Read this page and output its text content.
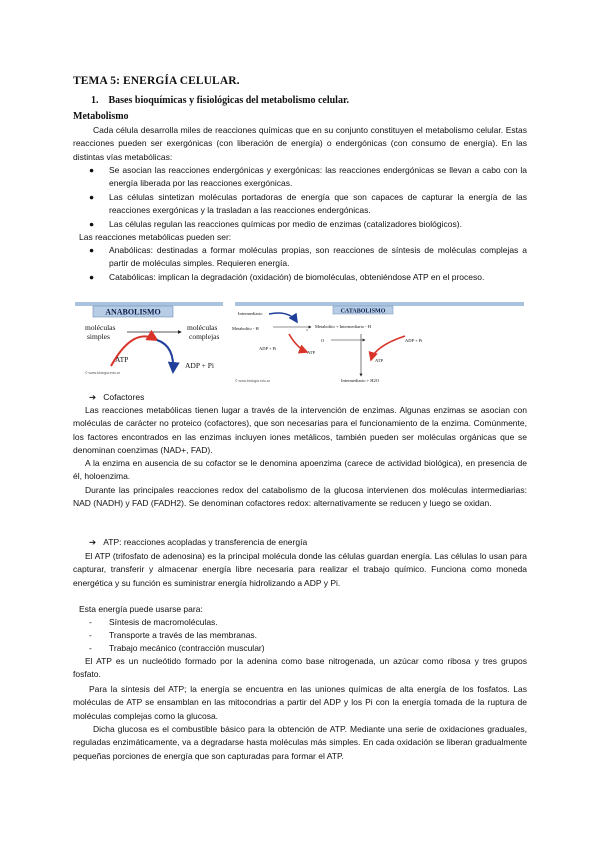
TEMA 5: ENERGÍA CELULAR.
1. Bases bioquímicas y fisiológicas del metabolismo celular.
Metabolismo

Cada célula desarrolla miles de reacciones químicas que en su conjunto constituyen el metabolismo celular. Estas reacciones pueden ser exergónicas (con liberación de energía) o endergónicas (con consumo de energía). En las distintas vías metabólicas:

●	Se asocian las reacciones endergónicas y exergónicas: las reacciones endergónicas se llevan a cabo con la energía liberada por las reacciones exergónicas.
●	Las células sintetizan moléculas portadoras de energía que son capaces de capturar la energía de las reacciones exergónicas y la trasladan a las reacciones endergónicas.
●	Las células regulan las reacciones químicas por medio de enzimas (catalizadores biológicos).

Las reacciones metabólicas pueden ser:

●	Anabólicas: destinadas a formar moléculas propias, son reacciones de síntesis de moléculas complejas a partir de moléculas simples. Requieren energía.
●	Catabólicas: implican la degradación (oxidación) de biomoléculas, obteniéndose ATP en el proceso.
ANABOLISMO
moléculas
simples
moléculas
complejas
ATP
ADP + Pi
© www.biologia.edu.ar
CATABOLISMO
Intermediario
Metabolito - H	2
Metabolito + Intermediario - H
ADP + Pi
ATP
O	ADP + Pi
ATP
Intermediario + H2O
© www.biologia.edu.ar
➔ Cofactores

Las reacciones metabólicas tienen lugar a través de la intervención de enzimas. Algunas enzimas se asocian con moléculas de carácter no proteico (cofactores), que son necesarias para el funcionamiento de la enzima. Comúnmente, los factores encontrados en las enzimas incluyen iones metálicos, también pueden ser moléculas orgánicas que se denominan coenzimas (NAD+, FAD).

A la enzima en ausencia de su cofactor se le denomina apoenzima (carece de actividad biológica), en presencia de él, holoenzima.

Durante las principales reacciones redox del catabolismo de la glucosa intervienen dos moléculas intermediarias: NAD (NADH) y FAD (FADH2). Se denominan cofactores redox: alternativamente se reducen y luego se oxidan.

➔ ATP: reacciones acopladas y transferencia de energía

El ATP (trifosfato de adenosina) es la principal molécula donde las células guardan energía. Las células lo usan para capturar, transferir y almacenar energía libre necesaria para realizar el trabajo químico. Funciona como moneda energética y su función es suministrar energía hidrolizando a ADP y Pi.

Esta energía puede usarse para:

- Síntesis de macromoléculas.
- Transporte a través de las membranas.
- Trabajo mecánico (contracción muscular)

El ATP es un nucleótido formado por la adenina como base nitrogenada, un azúcar como ribosa y tres grupos fosfato.

Para la síntesis del ATP; la energía se encuentra en las uniones químicas de alta energía de los fosfatos. Las moléculas de ATP se ensamblan en las mitocondrias a partir del ADP y los Pi con la energía tomada de la ruptura de moléculas complejas como la glucosa.

Dicha glucosa es el combustible básico para la obtención de ATP. Mediante una serie de oxidaciones graduales, reguladas enzimáticamente, va a degradarse hasta moléculas más simples. En cada oxidación se liberan gradualmente pequeñas porciones de energía que son capturadas para formar el ATP.
